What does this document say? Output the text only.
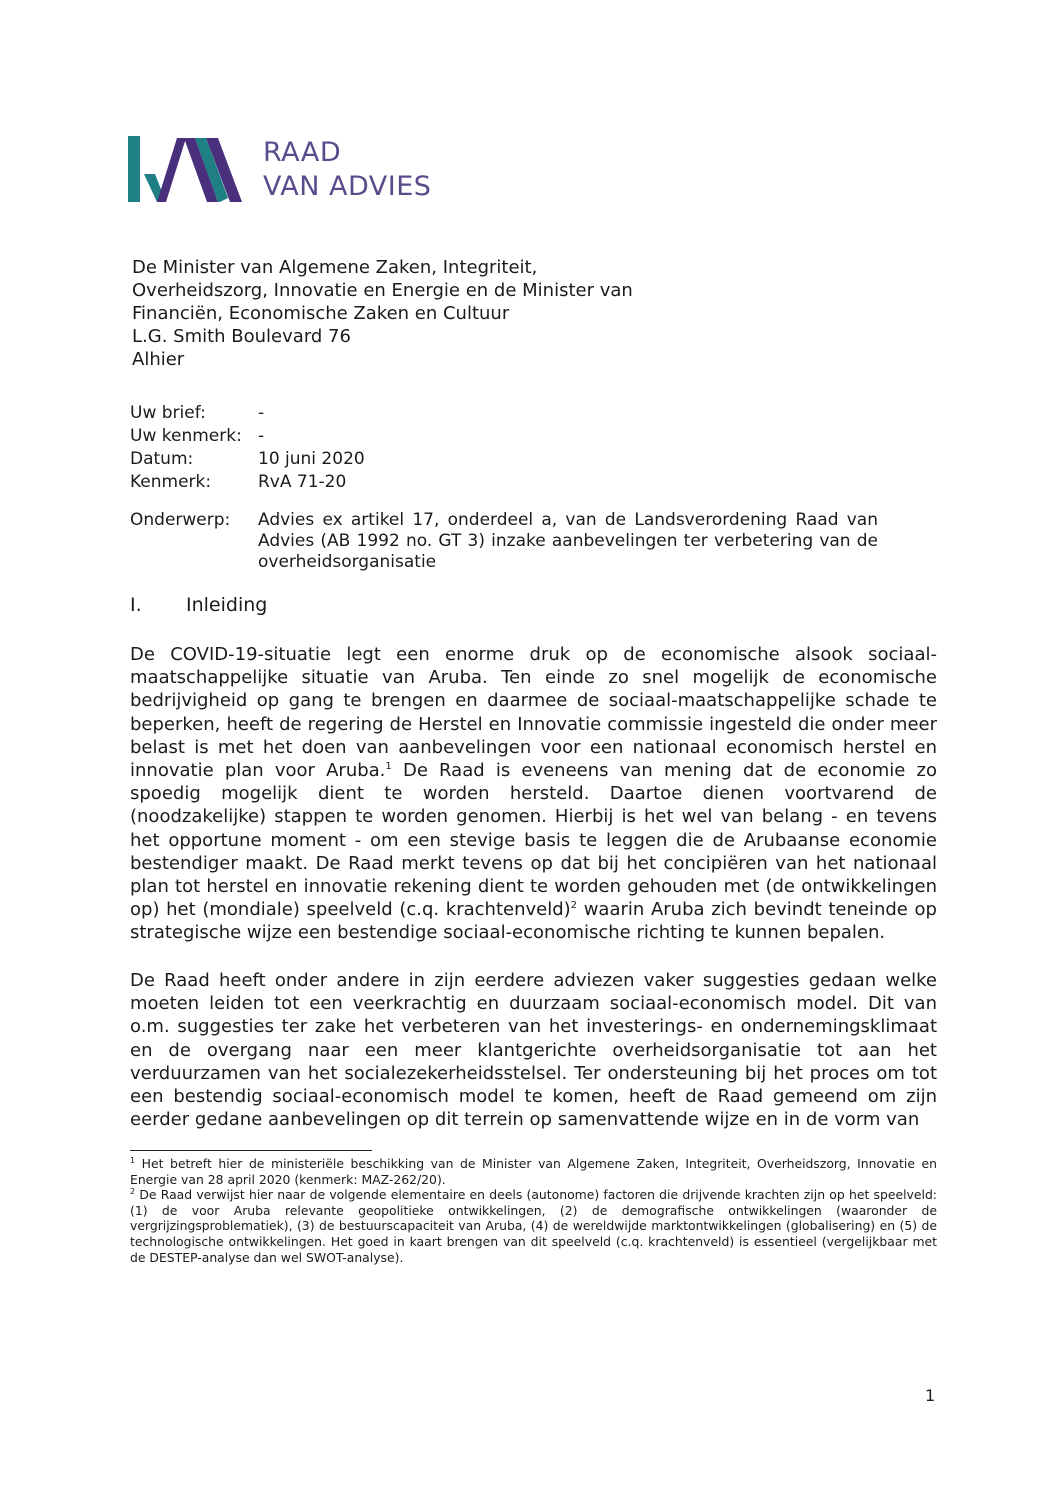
RAAD
VAN ADVIES
De Minister van Algemene Zaken, Integriteit,
Overheidszorg, Innovatie en Energie en de Minister van
Financiën, Economische Zaken en Cultuur
L.G. Smith Boulevard 76
Alhier
Uw brief:	-
Uw kenmerk: -
Datum:	10 juni 2020
Kenmerk:	RvA 71-20
Onderwerp:	Advies ex artikel 17, onderdeel a, van de Landsverordening Raad van Advies (AB 1992 no. GT 3) inzake aanbevelingen ter verbetering van de overheidsorganisatie
I.	Inleiding
De COVID-19-situatie legt een enorme druk op de economische alsook sociaal-maatschappelijke situatie van Aruba. Ten einde zo snel mogelijk de economische bedrijvigheid op gang te brengen en daarmee de sociaal-maatschappelijke schade te beperken, heeft de regering de Herstel en Innovatie commissie ingesteld die onder meer belast is met het doen van aanbevelingen voor een nationaal economisch herstel en innovatie plan voor Aruba.$^1$ De Raad is eveneens van mening dat de economie zo spoedig mogelijk dient te worden hersteld. Daartoe dienen voortvarend de (noodzakelijke) stappen te worden genomen. Hierbij is het wel van belang - en tevens het opportune moment - om een stevige basis te leggen die de Arubaanse economie bestendiger maakt. De Raad merkt tevens op dat bij het concipiëren van het nationaal plan tot herstel en innovatie rekening dient te worden gehouden met (de ontwikkelingen op) het (mondiale) speelveld (c.q. krachtenveld)$^2$ waarin Aruba zich bevindt teneinde op strategische wijze een bestendige sociaal-economische richting te kunnen bepalen.
De Raad heeft onder andere in zijn eerdere adviezen vaker suggesties gedaan welke moeten leiden tot een veerkrachtig en duurzaam sociaal-economisch model. Dit van o.m. suggesties ter zake het verbeteren van het investerings- en ondernemingsklimaat en de overgang naar een meer klantgerichte overheidsorganisatie tot aan het verduurzamen van het socialezekerheidsstelsel. Ter ondersteuning bij het proces om tot een bestendig sociaal-economisch model te komen, heeft de Raad gemeend om zijn eerder gedane aanbevelingen op dit terrein op samenvattende wijze en in de vorm van

$^1$ Het betreft hier de ministeriële beschikking van de Minister van Algemene Zaken, Integriteit, Overheidszorg, Innovatie en Energie van 28 april 2020 (kenmerk: MAZ-262/20).

$^2$ De Raad verwijst hier naar de volgende elementaire en deels (autonome) factoren die drijvende krachten zijn op het speelveld: (1) de voor Aruba relevante geopolitieke ontwikkelingen, (2) de demografische ontwikkelingen (waaronder de vergrijzingsproblematiek), (3) de bestuurscapaciteit van Aruba, (4) de wereldwijde marktontwikkelingen (globalisering) en (5) de technologische ontwikkelingen. Het goed in kaart brengen van dit speelveld (c.q. krachtenveld) is essentieel (vergelijkbaar met de DESTEP-analyse dan wel SWOT-analyse).

1
